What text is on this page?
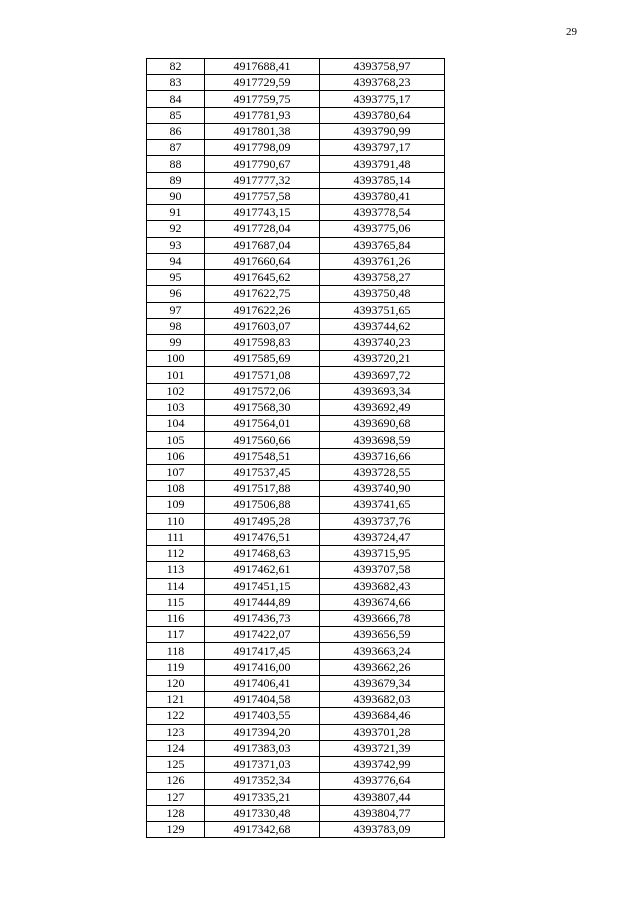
29
82	4917688,41	4393758,97
83	4917729,59	4393768,23
84	4917759,75	4393775,17
85	4917781,93	4393780,64
86	4917801,38	4393790,99
87	4917798,09	4393797,17
88	4917790,67	4393791,48
89	4917777,32	4393785,14
90	4917757,58	4393780,41
91	4917743,15	4393778,54
92	4917728,04	4393775,06
93	4917687,04	4393765,84
94	4917660,64	4393761,26
95	4917645,62	4393758,27
96	4917622,75	4393750,48
97	4917622,26	4393751,65
98	4917603,07	4393744,62
99	4917598,83	4393740,23
100	4917585,69	4393720,21
101	4917571,08	4393697,72
102	4917572,06	4393693,34
103	4917568,30	4393692,49
104	4917564,01	4393690,68
105	4917560,66	4393698,59
106	4917548,51	4393716,66
107	4917537,45	4393728,55
108	4917517,88	4393740,90
109	4917506,88	4393741,65
110	4917495,28	4393737,76
111	4917476,51	4393724,47
112	4917468,63	4393715,95
113	4917462,61	4393707,58
114	4917451,15	4393682,43
115	4917444,89	4393674,66
116	4917436,73	4393666,78
117	4917422,07	4393656,59
118	4917417,45	4393663,24
119	4917416,00	4393662,26
120	4917406,41	4393679,34
121	4917404,58	4393682,03
122	4917403,55	4393684,46
123	4917394,20	4393701,28
124	4917383,03	4393721,39
125	4917371,03	4393742,99
126	4917352,34	4393776,64
127	4917335,21	4393807,44
128	4917330,48	4393804,77
129	4917342,68	4393783,09
